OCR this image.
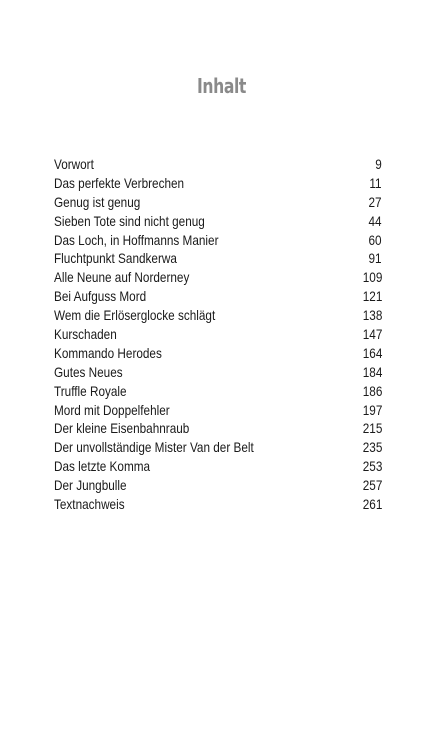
Inhalt
Vorwort	9
Das perfekte Verbrechen	11
Genug ist genug	27
Sieben Tote sind nicht genug	44
Das Loch, in Hoffmanns Manier	60
Fluchtpunkt Sandkerwa	91
Alle Neune auf Norderney	109
Bei Aufguss Mord	121
Wem die Erlöserglocke schlägt	138
Kurschaden	147
Kommando Herodes	164
Gutes Neues	184
Truffle Royale	186
Mord mit Doppelfehler	197
Der kleine Eisenbahnraub	215
Der unvollständige Mister Van der Belt	235
Das letzte Komma	253
Der Jungbulle	257
Textnachweis	261
